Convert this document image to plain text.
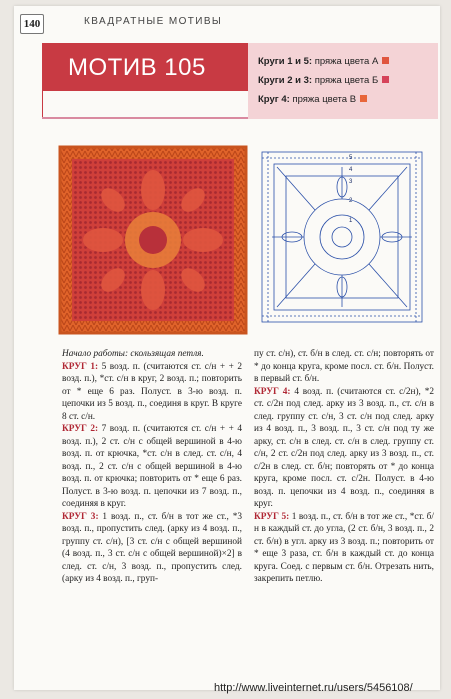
140	КВАДРАТНЫЕ МОТИВЫ
МОТИВ 105	Круги 1 и 5: пряжа цвета А
Круги 2 и 3: пряжа цвета Б
Круг 4: пряжа цвета В
5
4
3
2
1

Начало работы: скользящая петля.

КРУГ 1: 5 возд. п. (считаются ст. с/н + + 2 возд. п.), *ст. с/н в круг, 2 возд. п.; повторить от * еще 6 раз. Полуст. в 3-ю возд. п. цепочки из 5 возд. п., соединя в круг. В круге 8 ст. с/н.

КРУГ 2: 7 возд. п. (считаются ст. с/н + + 4 возд. п.), 2 ст. с/н с общей вершиной в 4-ю возд. п. от крючка, *ст. с/н в след. ст. с/н, 4 возд. п., 2 ст. с/н с общей вершиной в 4-ю возд. п. от крючка; повторить от * еще 6 раз. Полуст. в 3-ю возд. п. цепочки из 7 возд. п., соединяя в круг.

КРУГ 3: 1 возд. п., ст. б/н в тот же ст., *3 возд. п., пропустить след. (арку из 4 возд. п., группу ст. с/н), [3 ст. с/н с общей вершиной (4 возд. п., 3 ст. с/н с общей вершиной)×2] в след. ст. с/н, 3 возд. п., пропустить след. (арку из 4 возд. п., груп-

пу ст. с/н), ст. б/н в след. ст. с/н; повторять от * до конца круга, кроме посл. ст. б/н. Полуст. в первый ст. б/н.

КРУГ 4: 4 возд. п. (считаются ст. с/2н), *2 ст. с/2н под след. арку из 3 возд. п., ст. с/н в след. группу ст. с/н, 3 ст. с/н под след. арку из 4 возд. п., 3 возд. п., 3 ст. с/н под ту же арку, ст. с/н в след. ст. с/н в след. группу ст. с/н, 2 ст. с/2н под след. арку из 3 возд. п., ст. с/2н в след. ст. б/н; повторять от * до конца круга, кроме посл. ст. с/2н. Полуст. в 4-ю возд. п. цепочки из 4 возд. п., соединяя в круг.

КРУГ 5: 1 возд. п., ст. б/н в тот же ст., *ст. б/н в каждый ст. до угла, (2 ст. б/н, 3 возд. п., 2 ст. б/н) в угл. арку из 3 возд. п.; повторить от * еще 3 раза, ст. б/н в каждый ст. до конца круга. Соед. с первым ст. б/н. Отрезать нить, закрепить петлю.

http://www.liveinternet.ru/users/5456108/
